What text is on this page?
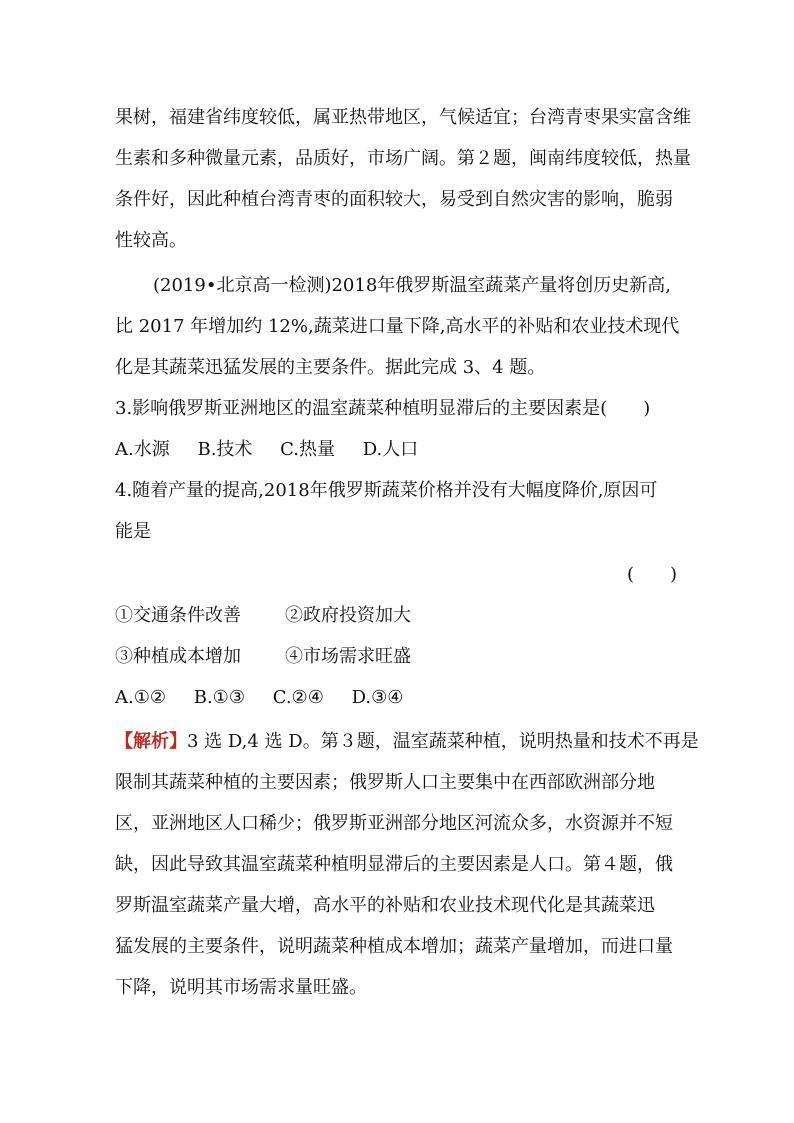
果树，福建省纬度较低，属亚热带地区，气候适宜；台湾青枣果实富含维
生素和多种微量元素，品质好，市场广阔。第２题，闽南纬度较低，热量
条件好，因此种植台湾青枣的面积较大，易受到自然灾害的影响，脆弱
性较高。
(2019•北京高一检测)2018年俄罗斯温室蔬菜产量将创历史新高,
比 2017 年增加约 12%,蔬菜进口量下降,高水平的补贴和农业技术现代
化是其蔬菜迅猛发展的主要条件。据此完成 3、4 题。
3.影响俄罗斯亚洲地区的温室蔬菜种植明显滞后的主要因素是(　　)
A.水源 B.技术 C.热量 D.人口
4.随着产量的提高,2018年俄罗斯蔬菜价格并没有大幅度降价,原因可
能是
(　　)
①交通条件改善 ②政府投资加大
③种植成本增加 ④市场需求旺盛
A.①② B.①③ C.②④ D.③④
【解析】3 选 D,4 选 D。第３题，温室蔬菜种植，说明热量和技术不再是
限制其蔬菜种植的主要因素；俄罗斯人口主要集中在西部欧洲部分地
区，亚洲地区人口稀少；俄罗斯亚洲部分地区河流众多，水资源并不短
缺，因此导致其温室蔬菜种植明显滞后的主要因素是人口。第４题，俄
罗斯温室蔬菜产量大增，高水平的补贴和农业技术现代化是其蔬菜迅
猛发展的主要条件，说明蔬菜种植成本增加；蔬菜产量增加，而进口量
下降，说明其市场需求量旺盛。
